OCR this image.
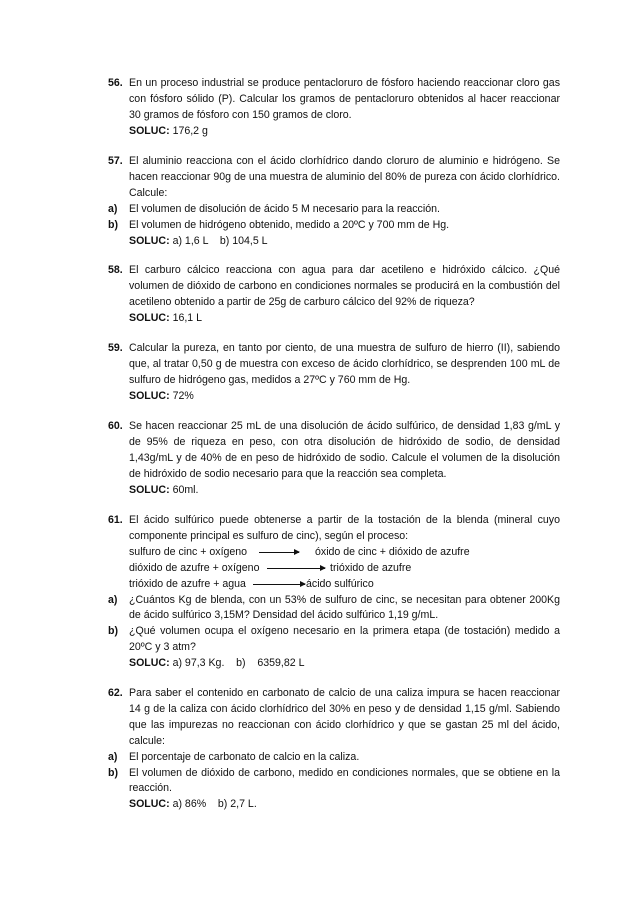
56. En un proceso industrial se produce pentacloruro de fósforo haciendo reaccionar cloro gas con fósforo sólido (P). Calcular los gramos de pentacloruro obtenidos al hacer reaccionar 30 gramos de fósforo con 150 gramos de cloro.
SOLUC: 176,2 g
57. El aluminio reacciona con el ácido clorhídrico dando cloruro de aluminio e hidrógeno. Se hacen reaccionar 90g de una muestra de aluminio del 80% de pureza con ácido clorhídrico. Calcule:
a) El volumen de disolución de ácido 5 M necesario para la reacción.
b) El volumen de hidrógeno obtenido, medido a 20ºC y 700 mm de Hg.
SOLUC: a) 1,6 L    b) 104,5 L
58. El carburo cálcico reacciona con agua para dar acetileno e hidróxido cálcico. ¿Qué volumen de dióxido de carbono en condiciones normales se producirá en la combustión del acetileno obtenido a partir de 25g de carburo cálcico del 92% de riqueza?
SOLUC: 16,1 L
59. Calcular la pureza, en tanto por ciento, de una muestra de sulfuro de hierro (II), sabiendo que, al tratar 0,50 g de muestra con exceso de ácido clorhídrico, se desprenden 100 mL de sulfuro de hidrógeno gas, medidos a 27ºC y 760 mm de Hg.
SOLUC: 72%
60. Se hacen reaccionar 25 mL de una disolución de ácido sulfúrico, de densidad 1,83 g/mL y de 95% de riqueza en peso, con otra disolución de hidróxido de sodio, de densidad 1,43g/mL y de 40% de en peso de hidróxido de sodio. Calcule el volumen de la disolución de hidróxido de sodio necesario para que la reacción sea completa.
SOLUC: 60ml.
61. El ácido sulfúrico puede obtenerse a partir de la tostación de la blenda (mineral cuyo componente principal es sulfuro de cinc), según el proceso:
sulfuro de cinc + oxígeno	óxido de cinc + dióxido de azufre
dióxido de azufre + oxígeno	trióxido de azufre
trióxido de azufre + agua	ácido sulfúrico
a) ¿Cuántos Kg de blenda, con un 53% de sulfuro de cinc, se necesitan para obtener 200Kg de ácido sulfúrico 3,15M? Densidad del ácido sulfúrico 1,19 g/mL.
b) ¿Qué volumen ocupa el oxígeno necesario en la primera etapa (de tostación) medido a 20ºC y 3 atm?
SOLUC: a) 97,3 Kg.    b)    6359,82 L
62. Para saber el contenido en carbonato de calcio de una caliza impura se hacen reaccionar 14 g de la caliza con ácido clorhídrico del 30% en peso y de densidad 1,15 g/ml. Sabiendo que las impurezas no reaccionan con ácido clorhídrico y que se gastan 25 ml del ácido, calcule:
a) El porcentaje de carbonato de calcio en la caliza.
b) El volumen de dióxido de carbono, medido en condiciones normales, que se obtiene en la reacción.
SOLUC: a) 86%    b) 2,7 L.
